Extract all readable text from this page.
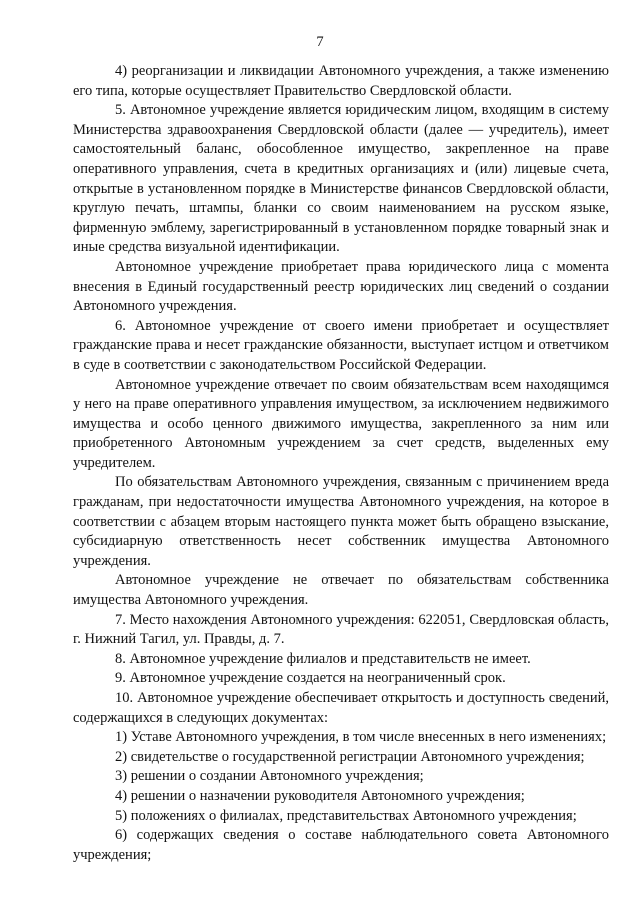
7

4) реорганизации и ликвидации Автономного учреждения, а также изменению его типа, которые осуществляет Правительство Свердловской области.

5. Автономное учреждение является юридическим лицом, входящим в систему Министерства здравоохранения Свердловской области (далее — учредитель), имеет самостоятельный баланс, обособленное имущество, закрепленное на праве оперативного управления, счета в кредитных организациях и (или) лицевые счета, открытые в установленном порядке в Министерстве финансов Свердловской области, круглую печать, штампы, бланки со своим наименованием на русском языке, фирменную эмблему, зарегистрированный в установленном порядке товарный знак и иные средства визуальной идентификации.

Автономное учреждение приобретает права юридического лица с момента внесения в Единый государственный реестр юридических лиц сведений о создании Автономного учреждения.

6. Автономное учреждение от своего имени приобретает и осуществляет гражданские права и несет гражданские обязанности, выступает истцом и ответчиком в суде в соответствии с законодательством Российской Федерации.

Автономное учреждение отвечает по своим обязательствам всем находящимся у него на праве оперативного управления имуществом, за исключением недвижимого имущества и особо ценного движимого имущества, закрепленного за ним или приобретенного Автономным учреждением за счет средств, выделенных ему учредителем.

По обязательствам Автономного учреждения, связанным с причинением вреда гражданам, при недостаточности имущества Автономного учреждения, на которое в соответствии с абзацем вторым настоящего пункта может быть обращено взыскание, субсидиарную ответственность несет собственник имущества Автономного учреждения.

Автономное учреждение не отвечает по обязательствам собственника имущества Автономного учреждения.

7. Место нахождения Автономного учреждения: 622051, Свердловская область, г. Нижний Тагил, ул. Правды, д. 7.

8. Автономное учреждение филиалов и представительств не имеет.

9. Автономное учреждение создается на неограниченный срок.

10. Автономное учреждение обеспечивает открытость и доступность сведений, содержащихся в следующих документах:

1) Уставе Автономного учреждения, в том числе внесенных в него изменениях;

2) свидетельстве о государственной регистрации Автономного учреждения;

3) решении о создании Автономного учреждения;

4) решении о назначении руководителя Автономного учреждения;

5) положениях о филиалах, представительствах Автономного учреждения;

6) содержащих сведения о составе наблюдательного совета Автономного учреждения;
